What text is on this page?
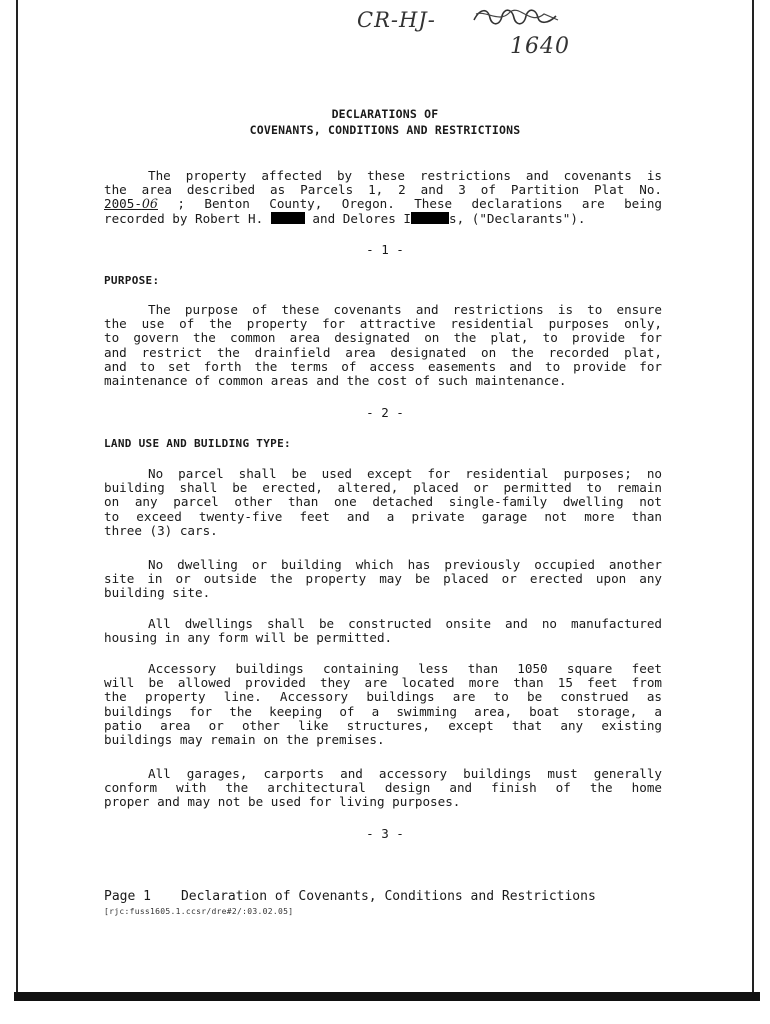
CR-HJ-
1640
DECLARATIONS OF
COVENANTS, CONDITIONS AND RESTRICTIONS
The property affected by these restrictions and covenants is
the area described as Parcels 1, 2 and 3 of Partition Plat No.
2005-06 ; Benton County, Oregon. These declarations are being
recorded by Robert H.	and Delores I	s, ("Declarants").
- 1 -
PURPOSE:
The purpose of these covenants and restrictions is to ensure
the use of the property for attractive residential purposes only,
to govern the common area designated on the plat, to provide for
and restrict the drainfield area designated on the recorded plat,
and to set forth the terms of access easements and to provide for
maintenance of common areas and the cost of such maintenance.
- 2 -
LAND USE AND BUILDING TYPE:
No parcel shall be used except for residential purposes; no
building shall be erected, altered, placed or permitted to remain
on any parcel other than one detached single-family dwelling not
to exceed twenty-five feet and a private garage not more than
three (3) cars.
No dwelling or building which has previously occupied another
site in or outside the property may be placed or erected upon any
building site.
All dwellings shall be constructed onsite and no manufactured
housing in any form will be permitted.
Accessory buildings containing less than 1050 square feet
will be allowed provided they are located more than 15 feet from
the property line. Accessory buildings are to be construed as
buildings for the keeping of a swimming area, boat storage, a
patio area or other like structures, except that any existing
buildings may remain on the premises.
All garages, carports and accessory buildings must generally
conform with the architectural design and finish of the home
proper and may not be used for living purposes.
- 3 -
Page 1 Declaration of Covenants, Conditions and Restrictions
[rjc:fuss1605.1.ccsr/dre#2/:03.02.05]
